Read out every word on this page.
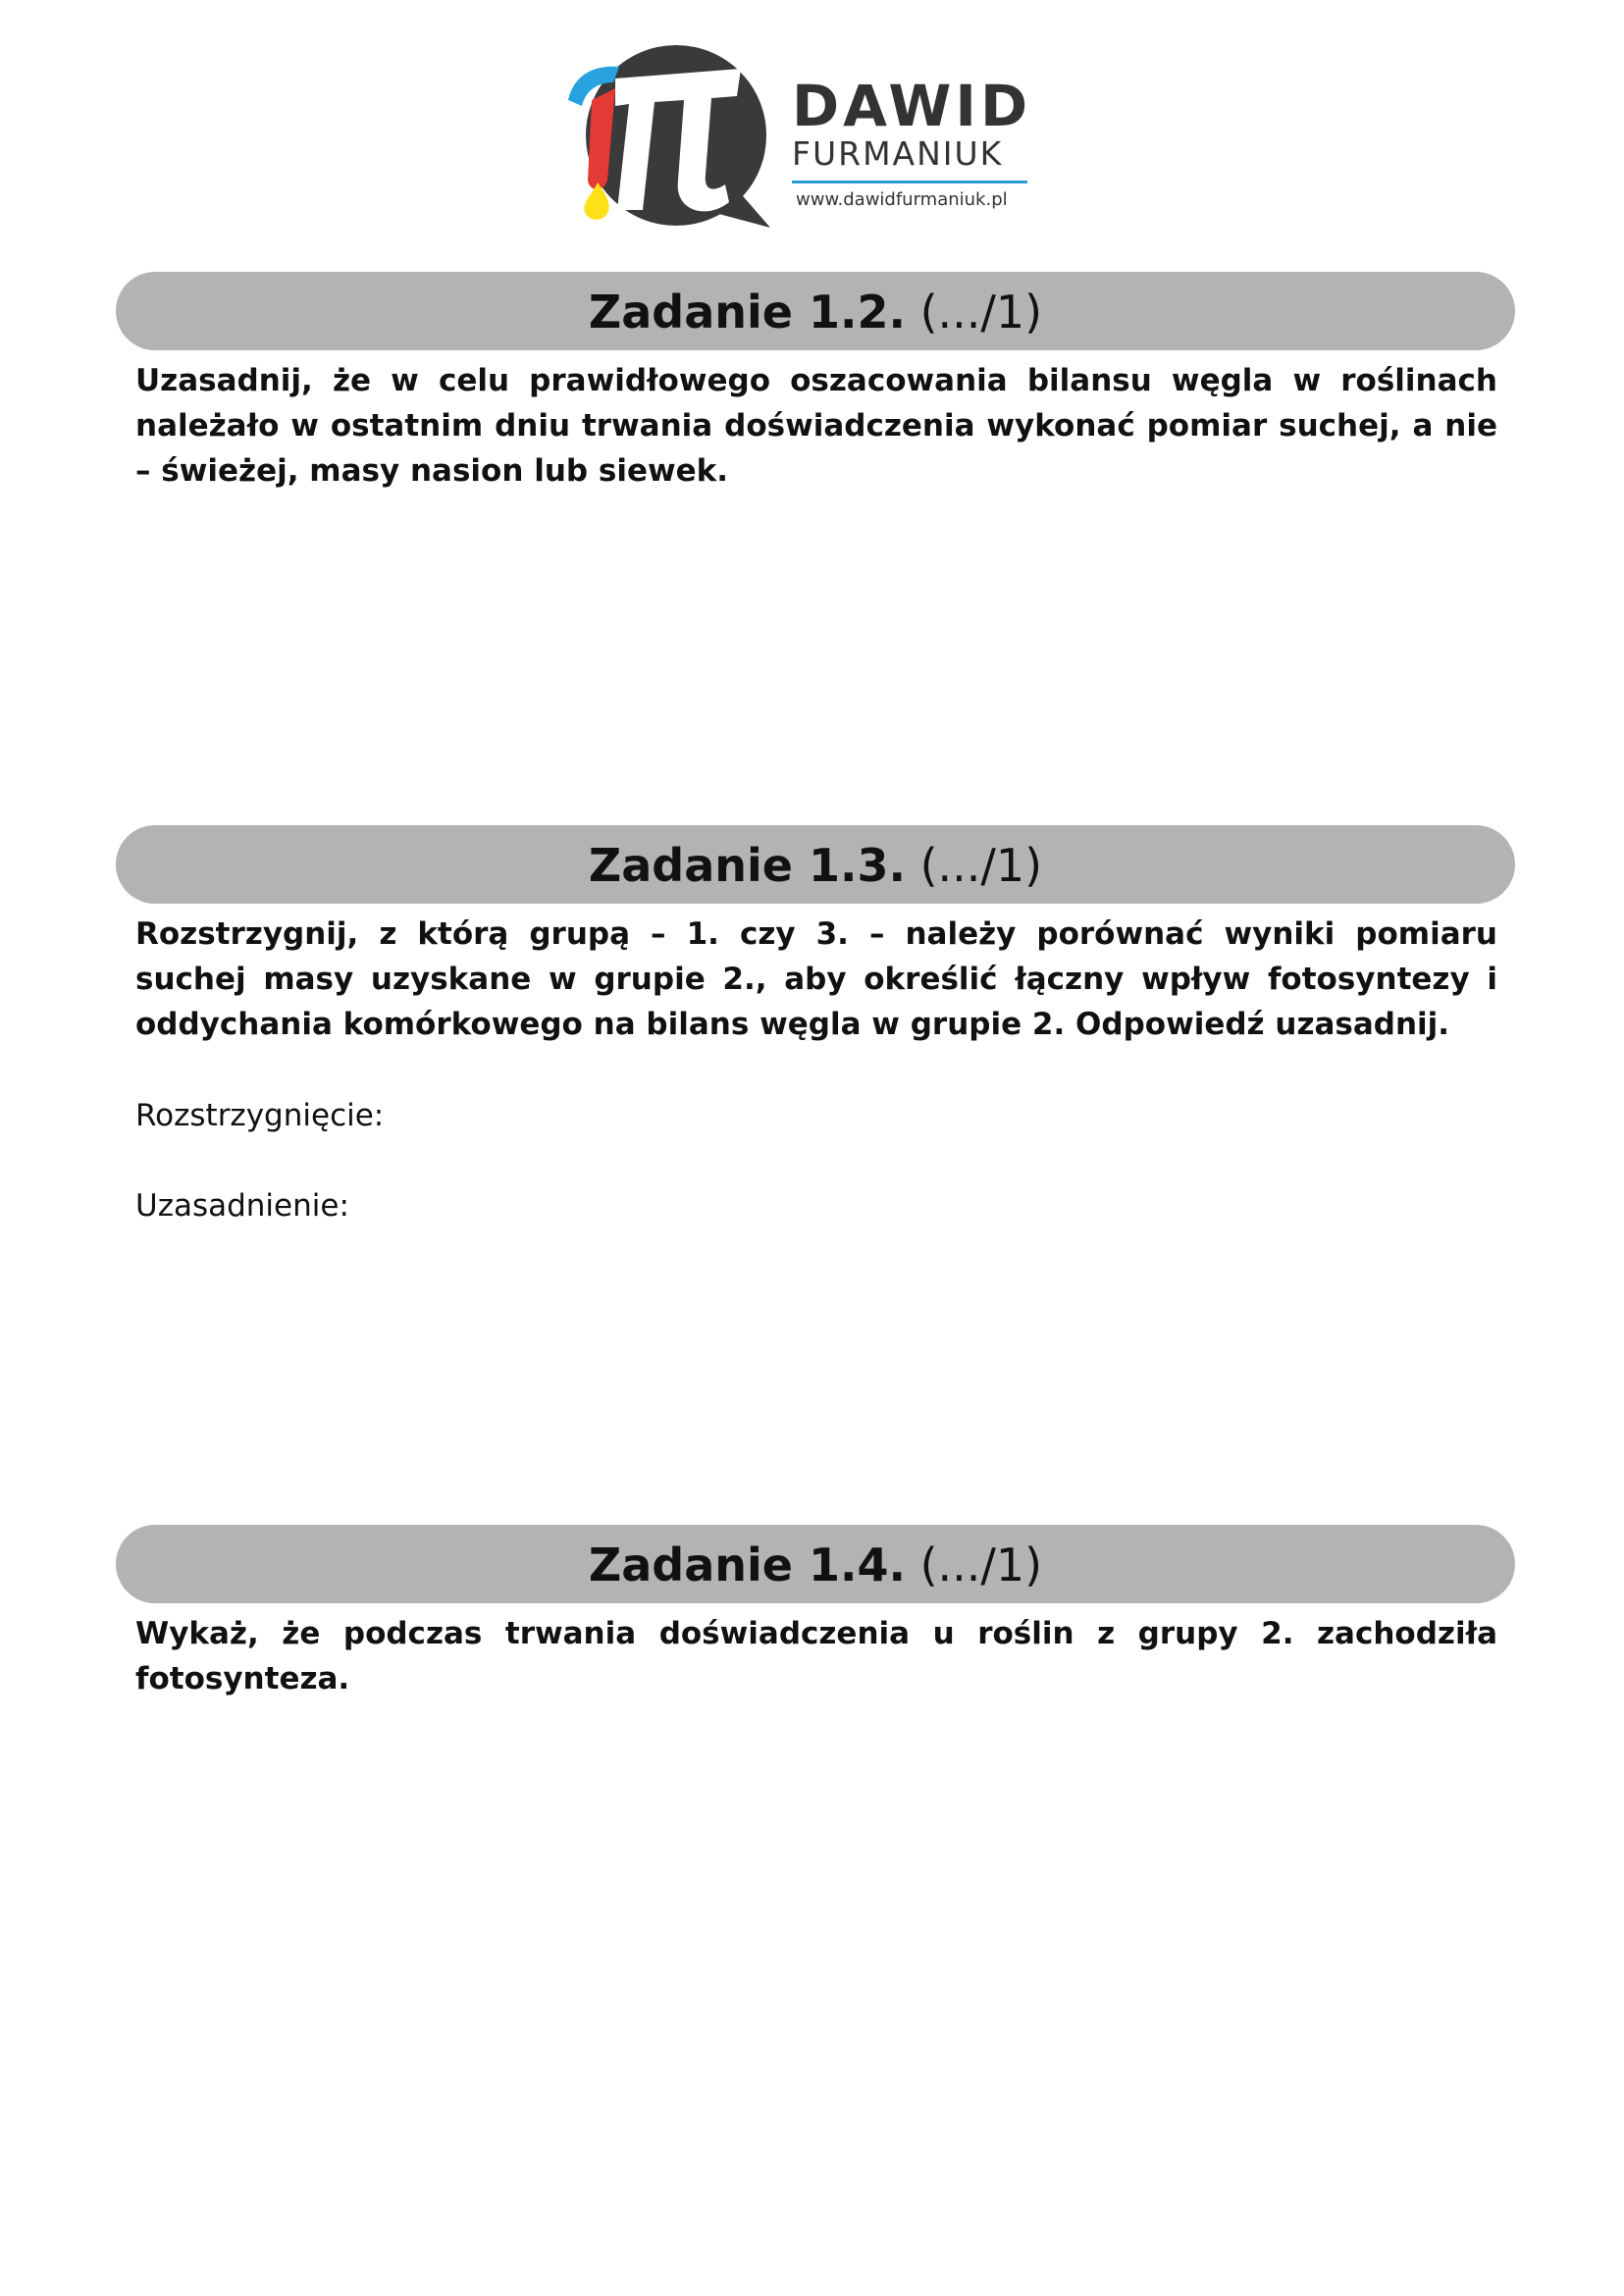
DAWID

FURMANIUK

www.dawidfurmaniuk.pl

Zadanie 1.2. (.../1)

Uzasadnij, że w celu prawidłowego oszacowania bilansu węgla w roślinach należało w ostatnim dniu trwania doświadczenia wykonać pomiar suchej, a nie – świeżej, masy nasion lub siewek.

Zadanie 1.3. (.../1)

Rozstrzygnij, z którą grupą – 1. czy 3. – należy porównać wyniki pomiaru suchej masy uzyskane w grupie 2., aby określić łączny wpływ fotosyntezy i oddychania komórkowego na bilans węgla w grupie 2. Odpowiedź uzasadnij.

Rozstrzygnięcie:

Uzasadnienie:

Zadanie 1.4. (.../1)

Wykaż, że podczas trwania doświadczenia u roślin z grupy 2. zachodziła fotosynteza.
